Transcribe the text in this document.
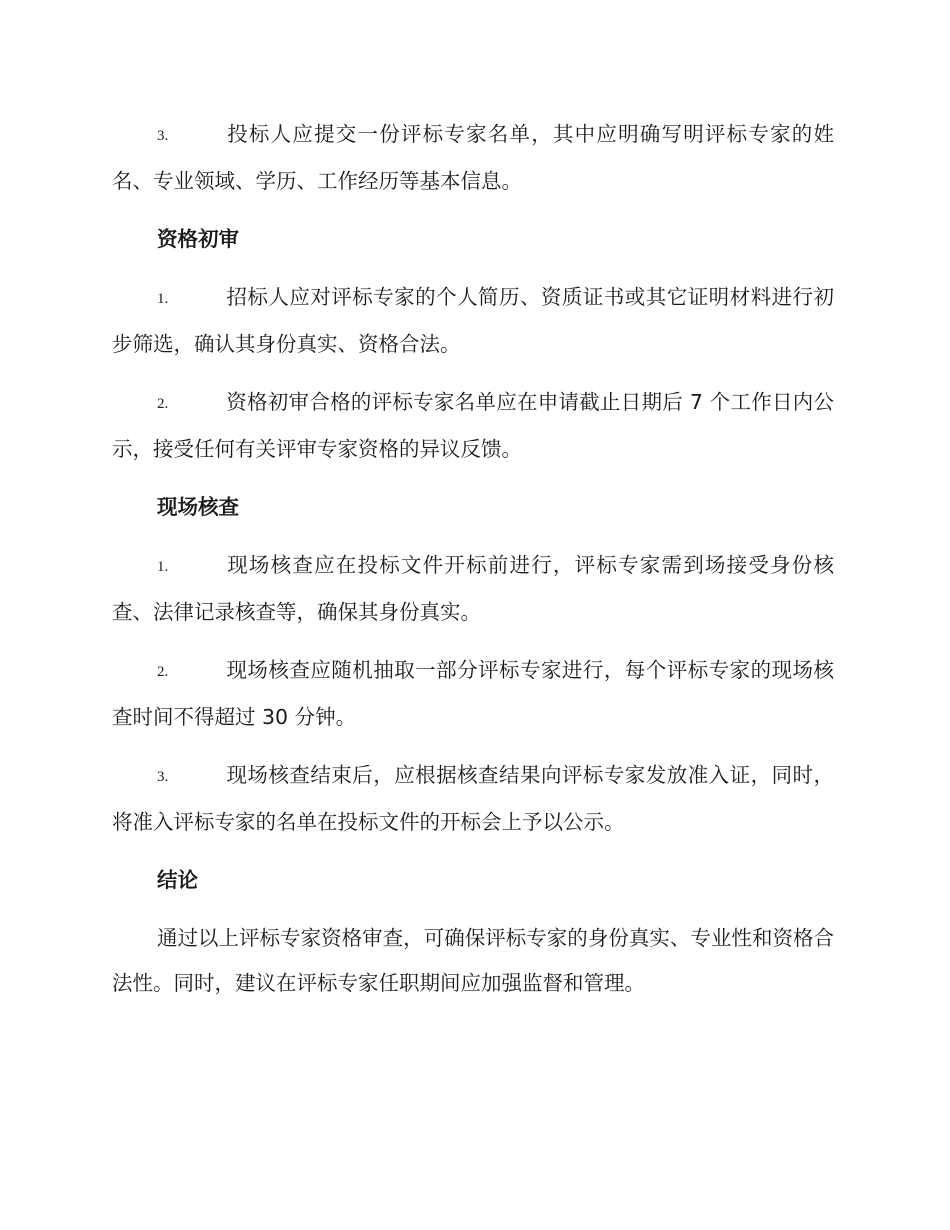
3.	投标人应提交一份评标专家名单，其中应明确写明评标专家的姓名、专业领域、学历、工作经历等基本信息。

资格初审

1.	招标人应对评标专家的个人简历、资质证书或其它证明材料进行初步筛选，确认其身份真实、资格合法。

2.	资格初审合格的评标专家名单应在申请截止日期后 7 个工作日内公示，接受任何有关评审专家资格的异议反馈。

现场核查

1.	现场核查应在投标文件开标前进行，评标专家需到场接受身份核查、法律记录核查等，确保其身份真实。

2.	现场核查应随机抽取一部分评标专家进行，每个评标专家的现场核查时间不得超过 30 分钟。

3.	现场核查结束后，应根据核查结果向评标专家发放准入证，同时，将准入评标专家的名单在投标文件的开标会上予以公示。

结论

通过以上评标专家资格审查，可确保评标专家的身份真实、专业性和资格合法性。同时，建议在评标专家任职期间应加强监督和管理。
